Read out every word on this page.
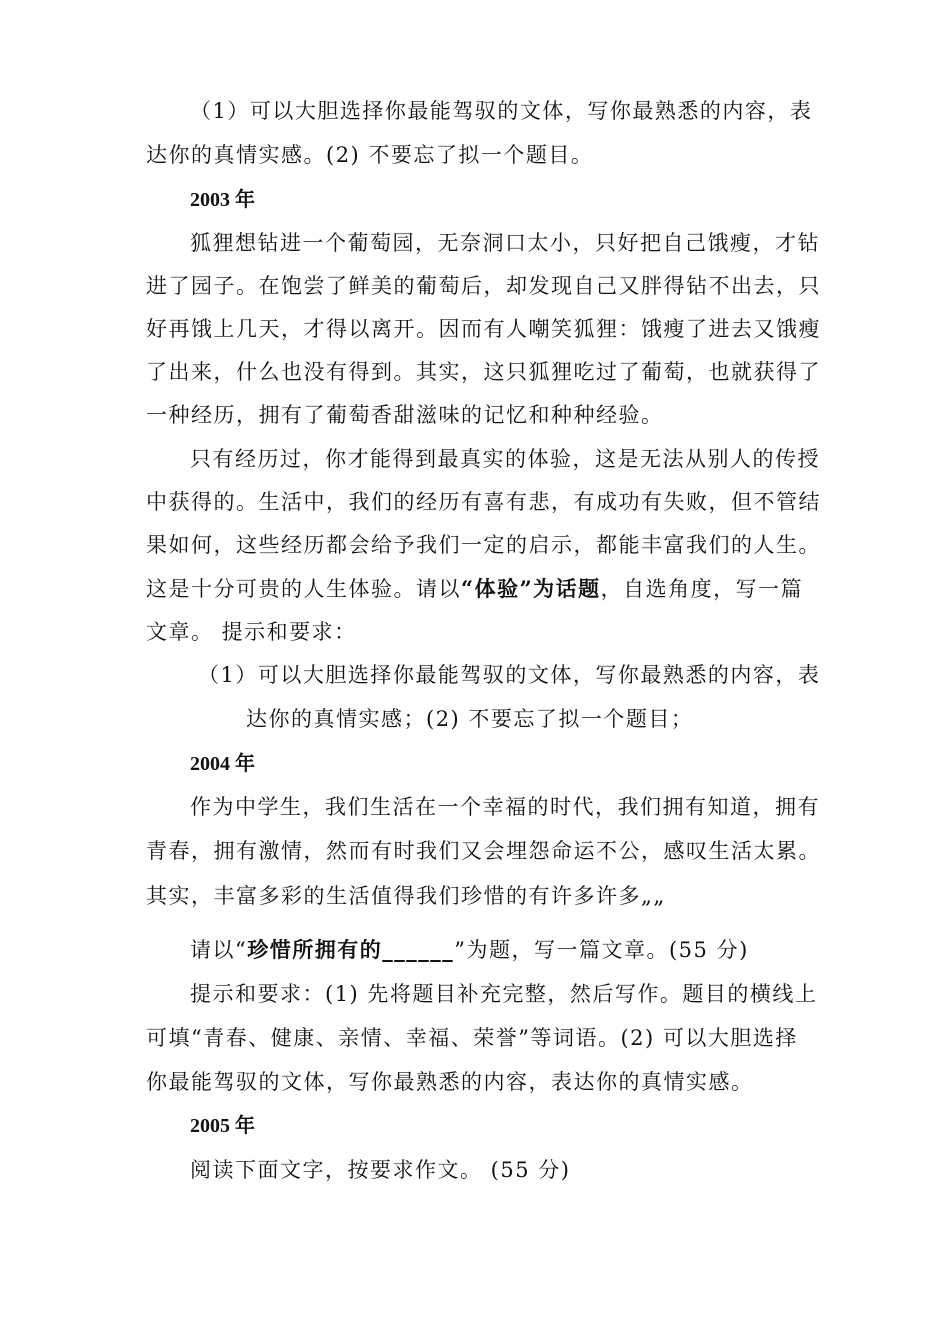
（1）可以大胆选择你最能驾驭的文体，写你最熟悉的内容，表
达你的真情实感。(2) 不要忘了拟一个题目。
2003 年
狐狸想钻进一个葡萄园，无奈洞口太小，只好把自己饿瘦，才钻
进了园子。在饱尝了鲜美的葡萄后，却发现自己又胖得钻不出去，只
好再饿上几天，才得以离开。因而有人嘲笑狐狸：饿瘦了进去又饿瘦
了出来，什么也没有得到。其实，这只狐狸吃过了葡萄，也就获得了
一种经历，拥有了葡萄香甜滋味的记忆和种种经验。
只有经历过，你才能得到最真实的体验，这是无法从别人的传授
中获得的。生活中，我们的经历有喜有悲，有成功有失败，但不管结
果如何，这些经历都会给予我们一定的启示，都能丰富我们的人生。
这是十分可贵的人生体验。请以“体验”为话题，自选角度，写一篇
文章。 提示和要求：
（1）可以大胆选择你最能驾驭的文体，写你最熟悉的内容，表
达你的真情实感；(2) 不要忘了拟一个题目；
2004 年
作为中学生，我们生活在一个幸福的时代，我们拥有知道，拥有
青春，拥有激情，然而有时我们又会埋怨命运不公，感叹生活太累。
其实，丰富多彩的生活值得我们珍惜的有许多许多„„
请以“珍惜所拥有的______”为题，写一篇文章。(55 分)
提示和要求：(1) 先将题目补充完整，然后写作。题目的横线上
可填“青春、健康、亲情、幸福、荣誉”等词语。(2) 可以大胆选择
你最能驾驭的文体，写你最熟悉的内容，表达你的真情实感。
2005 年
阅读下面文字，按要求作文。 (55 分)
